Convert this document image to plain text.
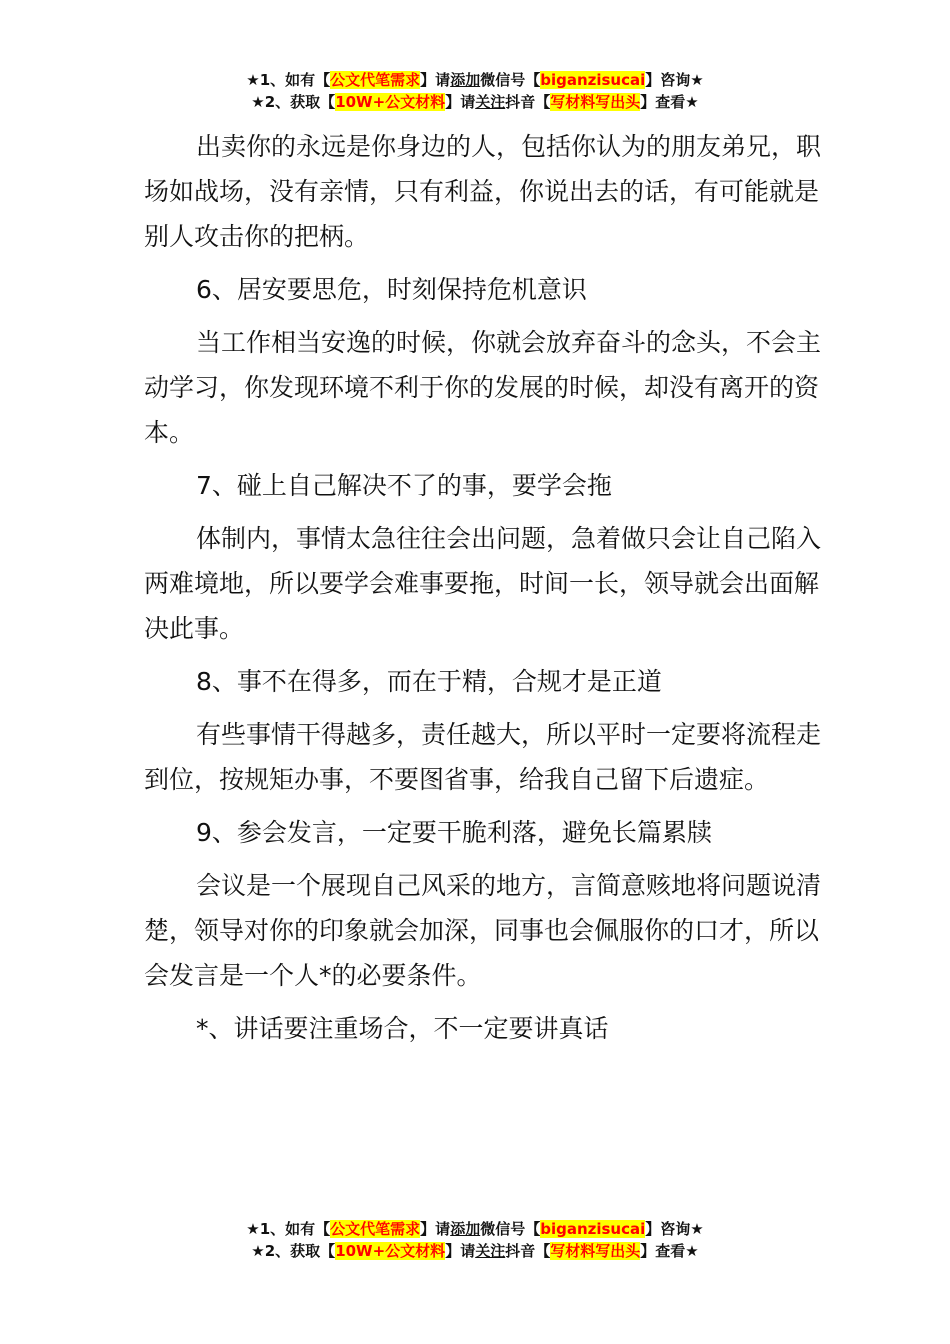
★1、如有【公文代笔需求】请添加微信号【biganzisucai】咨询★
★2、获取【10W+公文材料】请关注抖音【写材料写出头】查看★

出卖你的永远是你身边的人，包括你认为的朋友弟兄，职场如战场，没有亲情，只有利益，你说出去的话，有可能就是别人攻击你的把柄。

6、居安要思危，时刻保持危机意识

当工作相当安逸的时候，你就会放弃奋斗的念头，不会主动学习，你发现环境不利于你的发展的时候，却没有离开的资本。

7、碰上自己解决不了的事，要学会拖

体制内，事情太急往往会出问题，急着做只会让自己陷入两难境地，所以要学会难事要拖，时间一长，领导就会出面解决此事。

8、事不在得多，而在于精，合规才是正道

有些事情干得越多，责任越大，所以平时一定要将流程走到位，按规矩办事，不要图省事，给我自己留下后遗症。

9、参会发言，一定要干脆利落，避免长篇累牍

会议是一个展现自己风采的地方，言简意赅地将问题说清楚，领导对你的印象就会加深，同事也会佩服你的口才，所以会发言是一个人*的必要条件。

*、讲话要注重场合，不一定要讲真话

★1、如有【公文代笔需求】请添加微信号【biganzisucai】咨询★
★2、获取【10W+公文材料】请关注抖音【写材料写出头】查看★
